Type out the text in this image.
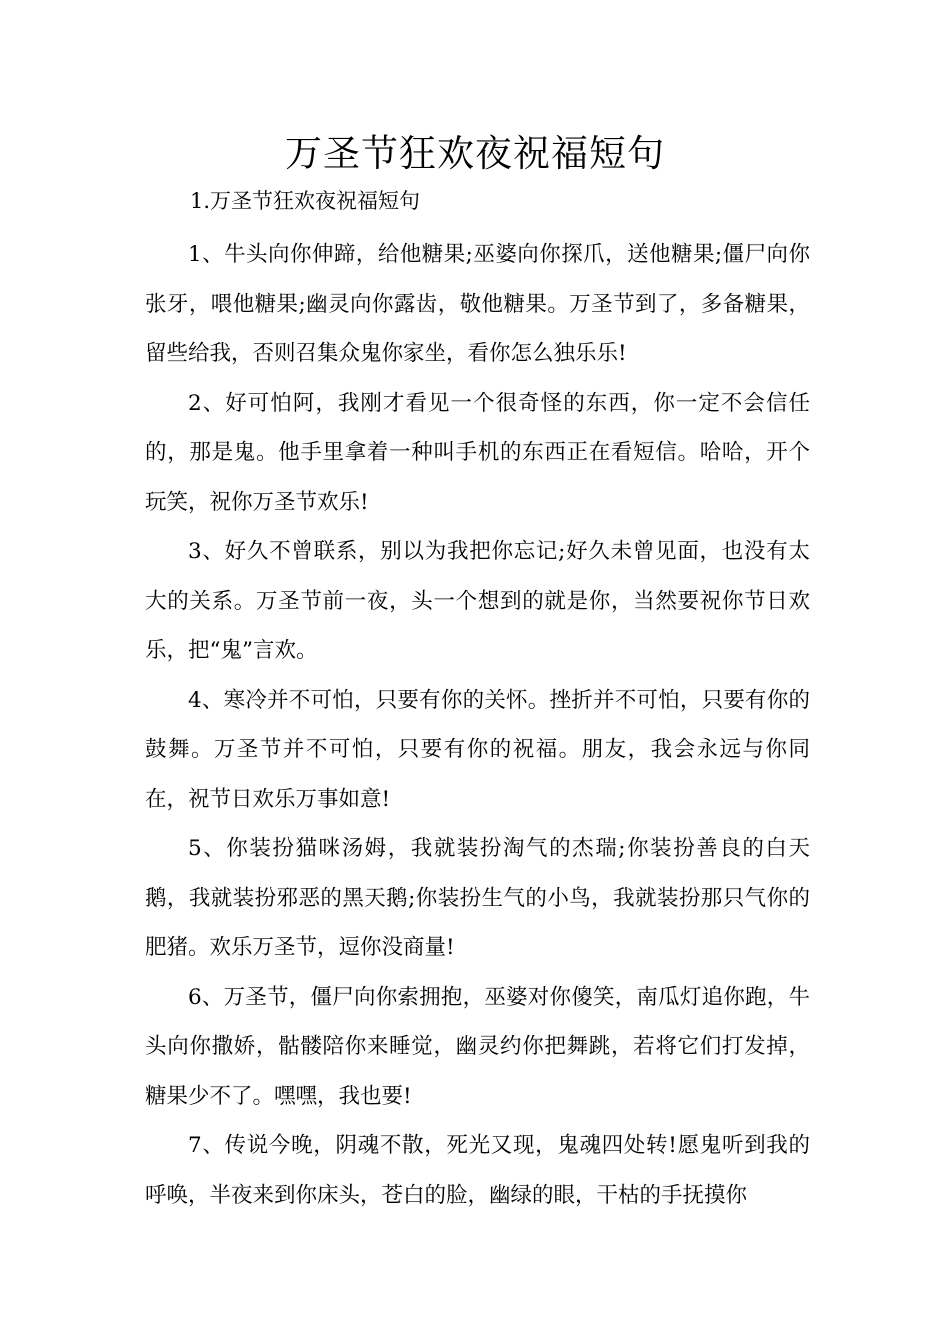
万圣节狂欢夜祝福短句
1.万圣节狂欢夜祝福短句

1、牛头向你伸蹄，给他糖果;巫婆向你探爪，送他糖果;僵尸向你张牙，喂他糖果;幽灵向你露齿，敬他糖果。万圣节到了，多备糖果，留些给我，否则召集众鬼你家坐，看你怎么独乐乐!

2、好可怕阿，我刚才看见一个很奇怪的东西，你一定不会信任的，那是鬼。他手里拿着一种叫手机的东西正在看短信。哈哈，开个玩笑，祝你万圣节欢乐!

3、好久不曾联系，别以为我把你忘记;好久未曾见面，也没有太大的关系。万圣节前一夜，头一个想到的就是你，当然要祝你节日欢乐，把“鬼”言欢。

4、寒冷并不可怕，只要有你的关怀。挫折并不可怕，只要有你的鼓舞。万圣节并不可怕，只要有你的祝福。朋友，我会永远与你同在，祝节日欢乐万事如意!

5、你装扮猫咪汤姆，我就装扮淘气的杰瑞;你装扮善良的白天鹅，我就装扮邪恶的黑天鹅;你装扮生气的小鸟，我就装扮那只气你的肥猪。欢乐万圣节，逗你没商量!

6、万圣节，僵尸向你索拥抱，巫婆对你傻笑，南瓜灯追你跑，牛头向你撒娇，骷髅陪你来睡觉，幽灵约你把舞跳，若将它们打发掉，糖果少不了。嘿嘿，我也要!

7、传说今晚，阴魂不散，死光又现，鬼魂四处转!愿鬼听到我的呼唤，半夜来到你床头，苍白的脸，幽绿的眼，干枯的手抚摸你
